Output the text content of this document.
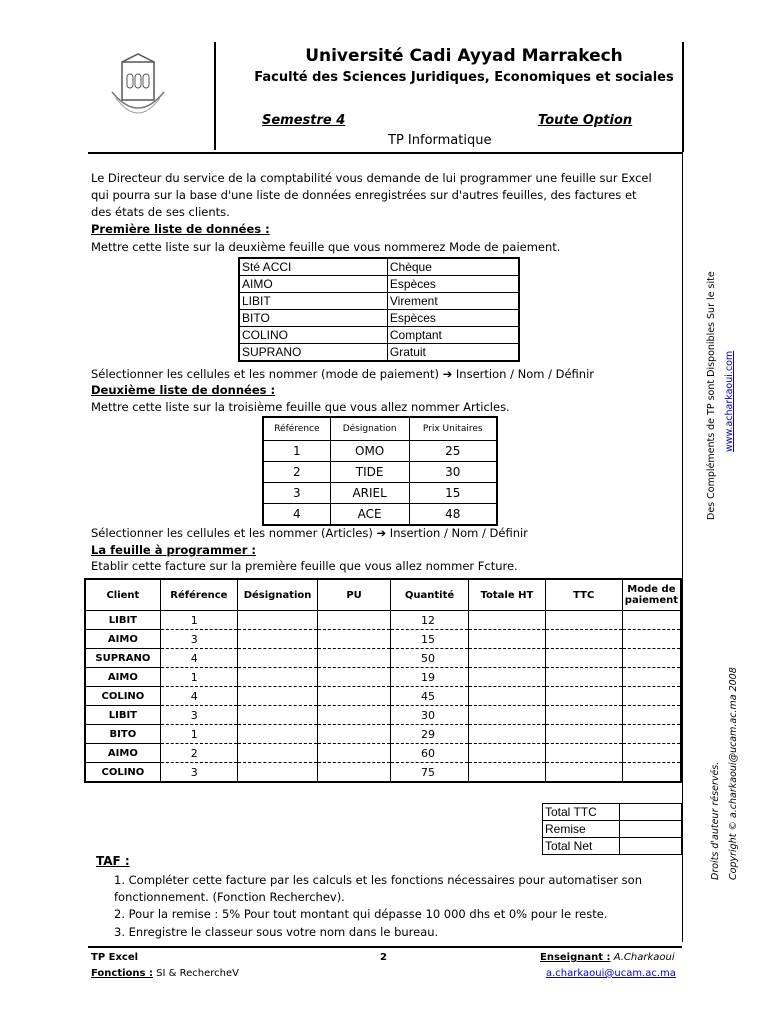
Université Cadi Ayyad Marrakech
Faculté des Sciences Juridiques, Economiques et sociales
Semestre 4	Toute Option
TP Informatique
Le Directeur du service de la comptabilité vous demande de lui programmer une feuille sur Excel
qui pourra sur la base d'une liste de données enregistrées sur d'autres feuilles, des factures et
des états de ses clients.
Première liste de données :
Mettre cette liste sur la deuxième feuille que vous nommerez Mode de paiement.
Sté ACCI	Chèque
AIMO	Espèces
LIBIT	Virement
BITO	Espèces
COLINO	Comptant
SUPRANO	Gratuit
Sélectionner les cellules et les nommer (mode de paiement) ➔ Insertion / Nom / Définir
Deuxième liste de données :
Mettre cette liste sur la troisième feuille que vous allez nommer Articles.
Référence	Désignation	Prix Unitaires
1	OMO	25
2	TIDE	30
3	ARIEL	15
4	ACE	48
Sélectionner les cellules et les nommer (Articles) ➔ Insertion / Nom / Définir
La feuille à programmer :
Etablir cette facture sur la première feuille que vous allez nommer Fcture.
Client	Référence	Désignation	PU	Quantité	Totale HT	TTC	Mode de paiement
LIBIT	1			12			
AIMO	3			15			
SUPRANO	4			50			
AIMO	1			19			
COLINO	4			45			
LIBIT	3			30			
BITO	1			29			
AIMO	2			60			
COLINO	3			75			
Total TTC	
Remise	
Total Net	
TAF :
1. Compléter cette facture par les calculs et les fonctions nécessaires pour automatiser son
fonctionnement. (Fonction Recherchev).
2. Pour la remise : 5% Pour tout montant qui dépasse 10 000 dhs et 0% pour le reste.
3. Enregistre le classeur sous votre nom dans le bureau.
Des Compléments de TP sont Disponibles Sur le site www.acharkaoui.com
Droits d'auteur réservés. Copyright © a.charkaoui@ucam.ac.ma 2008
TP Excel
Fonctions : SI & RechercheV
2	Enseignant : A.Charkaoui
a.charkaoui@ucam.ac.ma
